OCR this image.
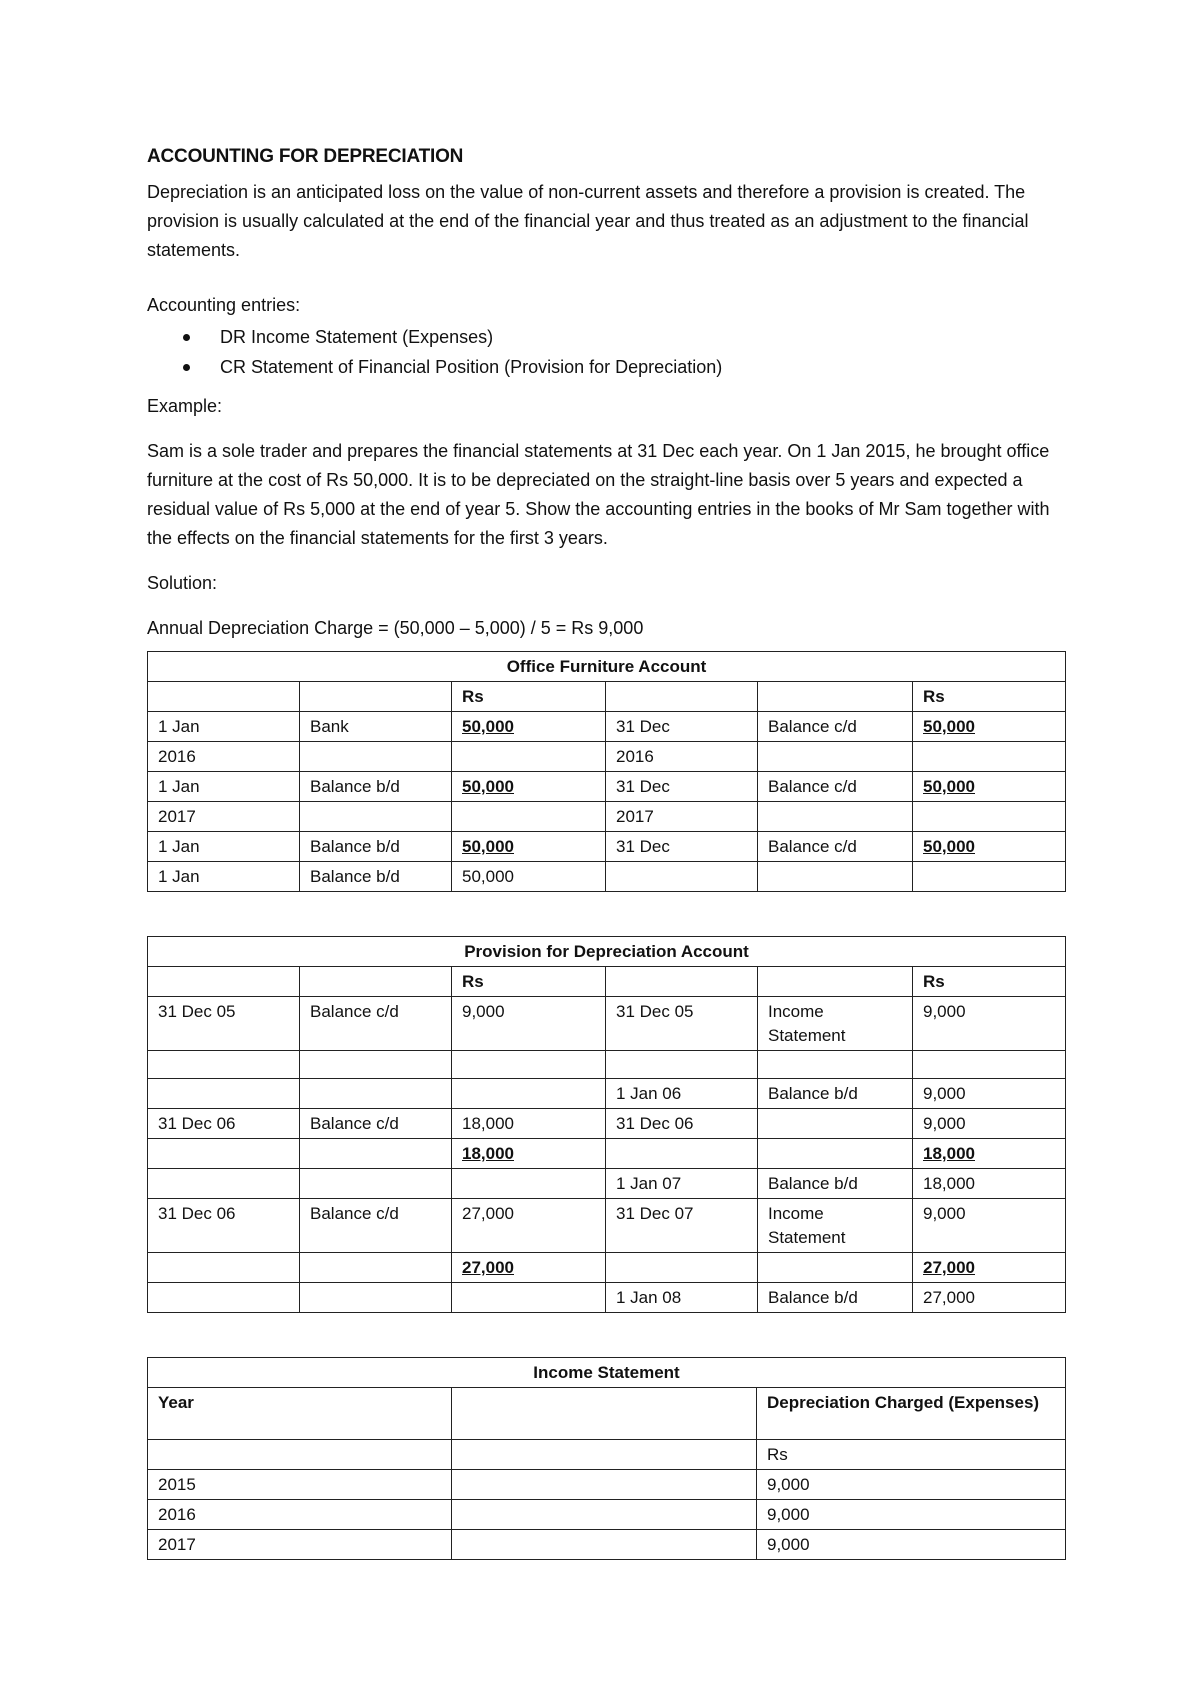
ACCOUNTING FOR DEPRECIATION

Depreciation is an anticipated loss on the value of non-current assets and therefore a provision is created. The provision is usually calculated at the end of the financial year and thus treated as an adjustment to the financial statements.

Accounting entries:

DR Income Statement (Expenses)
CR Statement of Financial Position (Provision for Depreciation)

Example:

Sam is a sole trader and prepares the financial statements at 31 Dec each year. On 1 Jan 2015, he brought office furniture at the cost of Rs 50,000. It is to be depreciated on the straight-line basis over 5 years and expected a residual value of Rs 5,000 at the end of year 5. Show the accounting entries in the books of Mr Sam together with the effects on the financial statements for the first 3 years.

Solution:

Annual Depreciation Charge = (50,000 – 5,000) / 5 = Rs 9,000

Office Furniture Account					
		Rs			Rs
1 Jan	Bank	50,000	31 Dec	Balance c/d	50,000
2016			2016		
1 Jan	Balance b/d	50,000	31 Dec	Balance c/d	50,000
2017			2017		
1 Jan	Balance b/d	50,000	31 Dec	Balance c/d	50,000
1 Jan	Balance b/d	50,000			
Provision for Depreciation Account					
		Rs			Rs
31 Dec 05	Balance c/d	9,000	31 Dec 05	Income Statement	9,000

			1 Jan 06	Balance b/d	9,000
31 Dec 06	Balance c/d	18,000	31 Dec 06		9,000
		18,000			18,000
			1 Jan 07	Balance b/d	18,000
31 Dec 06	Balance c/d	27,000	31 Dec 07	Income Statement	9,000
		27,000			27,000
			1 Jan 08	Balance b/d	27,000
Income Statement		
Year		Depreciation Charged (Expenses)
		Rs
2015		9,000
2016		9,000
2017		9,000
